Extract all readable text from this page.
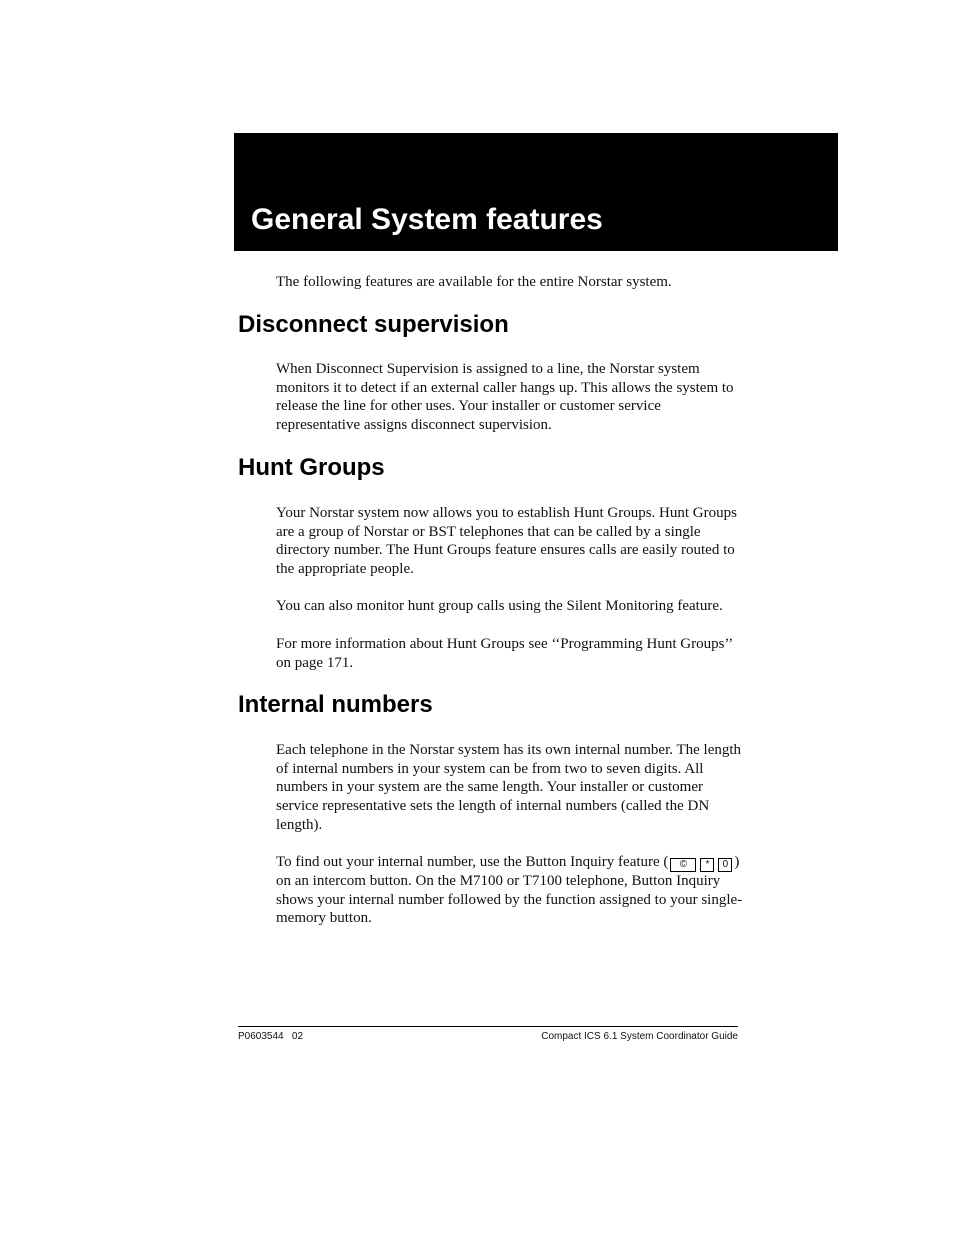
General System features

The following features are available for the entire Norstar system.

Disconnect supervision

When Disconnect Supervision is assigned to a line, the Norstar system monitors it to detect if an external caller hangs up. This allows the system to release the line for other uses. Your installer or customer service representative assigns disconnect supervision.

Hunt Groups

Your Norstar system now allows you to establish Hunt Groups. Hunt Groups are a group of Norstar or BST telephones that can be called by a single directory number. The Hunt Groups feature ensures calls are easily routed to the appropriate people.

You can also monitor hunt group calls using the Silent Monitoring feature.

For more information about Hunt Groups see ‘‘Programming Hunt Groups’’ on page 171.

Internal numbers

Each telephone in the Norstar system has its own internal number. The length of internal numbers in your system can be from two to seven digits. All numbers in your system are the same length. Your installer or customer service representative sets the length of internal numbers (called the DN length).

To find out your internal number, use the Button Inquiry feature ( © * 0 ) on an intercom button. On the M7100 or T7100 telephone, Button Inquiry shows your internal number followed by the function assigned to your single-memory button.

P0603544   02	Compact ICS 6.1 System Coordinator Guide
